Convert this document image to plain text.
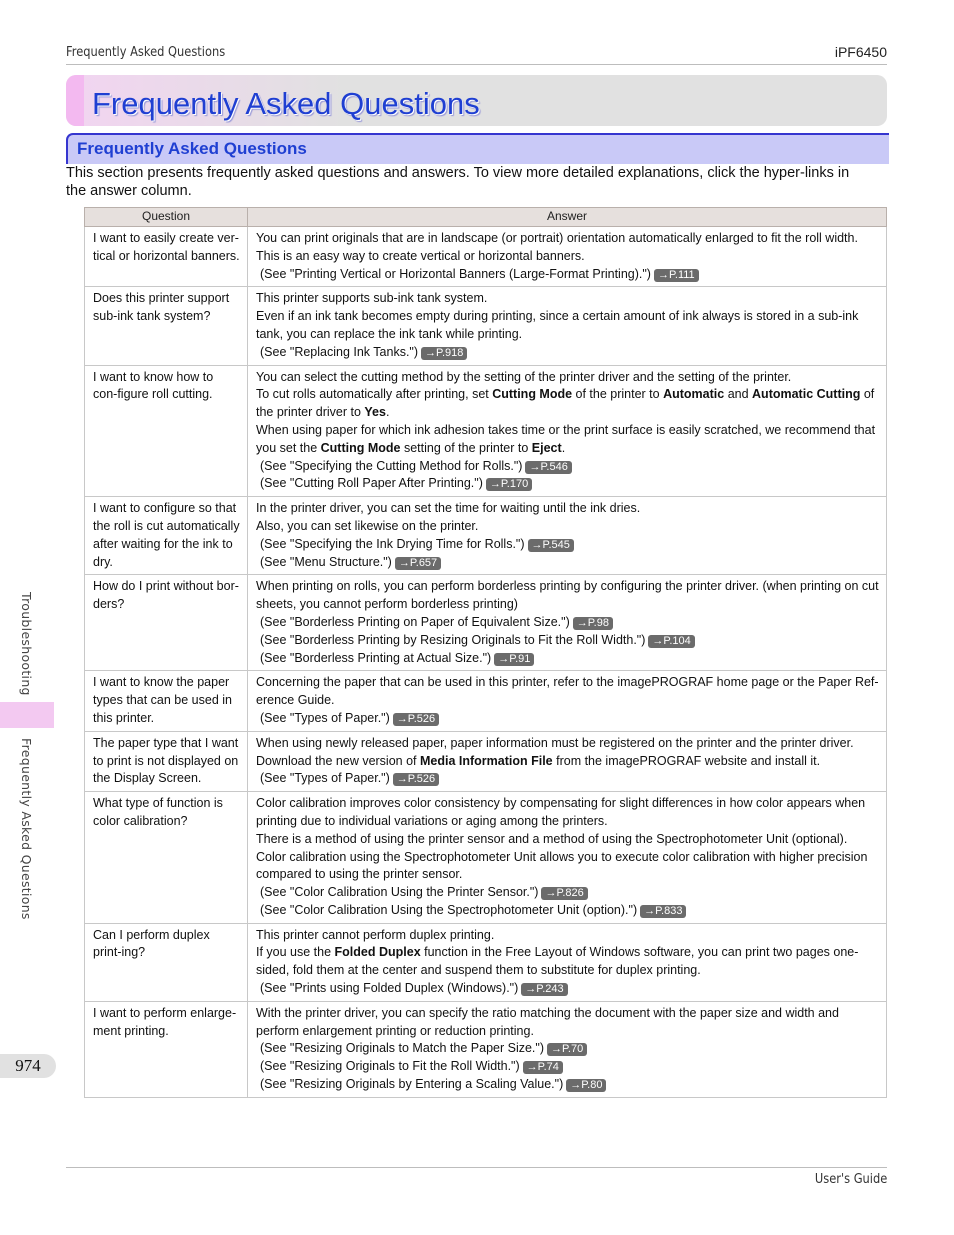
Frequently Asked Questions	iPF6450
Frequently Asked Questions
Frequently Asked Questions
This section presents frequently asked questions and answers. To view more detailed explanations, click the hyper-links in the answer column.
Question	Answer
I want to easily create ver-tical or horizontal banners.	You can print originals that are in landscape (or portrait) orientation automatically enlarged to fit the roll width. This is an easy way to create vertical or horizontal banners.
(See "Printing Vertical or Horizontal Banners (Large-Format Printing).") →P.111

Does this printer support sub-ink tank system?	This printer supports sub-ink tank system.
Even if an ink tank becomes empty during printing, since a certain amount of ink always is stored in a sub-ink tank, you can replace the ink tank while printing.
(See "Replacing Ink Tanks.") →P.918

I want to know how to con-figure roll cutting.	You can select the cutting method by the setting of the printer driver and the setting of the printer.
To cut rolls automatically after printing, set Cutting Mode of the printer to Automatic and Automatic Cutting of the printer driver to Yes.
When using paper for which ink adhesion takes time or the print surface is easily scratched, we recommend that you set the Cutting Mode setting of the printer to Eject.
(See "Specifying the Cutting Method for Rolls.") →P.546
(See "Cutting Roll Paper After Printing.") →P.170

I want to configure so that the roll is cut automatically after waiting for the ink to dry.	In the printer driver, you can set the time for waiting until the ink dries.
Also, you can set likewise on the printer.
(See "Specifying the Ink Drying Time for Rolls.") →P.545
(See "Menu Structure.") →P.657

How do I print without bor-ders?	When printing on rolls, you can perform borderless printing by configuring the printer driver. (when printing on cut sheets, you cannot perform borderless printing)
(See "Borderless Printing on Paper of Equivalent Size.") →P.98
(See "Borderless Printing by Resizing Originals to Fit the Roll Width.") →P.104
(See "Borderless Printing at Actual Size.") →P.91

I want to know the paper types that can be used in this printer.	Concerning the paper that can be used in this printer, refer to the imagePROGRAF home page or the Paper Ref-erence Guide.
(See "Types of Paper.") →P.526

The paper type that I want to print is not displayed on the Display Screen.	When using newly released paper, paper information must be registered on the printer and the printer driver.
Download the new version of Media Information File from the imagePROGRAF website and install it.
(See "Types of Paper.") →P.526

What type of function is color calibration?	Color calibration improves color consistency by compensating for slight differences in how color appears when printing due to individual variations or aging among the printers.
There is a method of using the printer sensor and a method of using the Spectrophotometer Unit (optional).
Color calibration using the Spectrophotometer Unit allows you to execute color calibration with higher precision compared to using the printer sensor.
(See "Color Calibration Using the Printer Sensor.") →P.826
(See "Color Calibration Using the Spectrophotometer Unit (option).") →P.833

Can I perform duplex print-ing?	This printer cannot perform duplex printing.
If you use the Folded Duplex function in the Free Layout of Windows software, you can print two pages one-sided, fold them at the center and suspend them to substitute for duplex printing.
(See "Prints using Folded Duplex (Windows).") →P.243

I want to perform enlarge-ment printing.	With the printer driver, you can specify the ratio matching the document with the paper size and width and perform enlargement printing or reduction printing.
(See "Resizing Originals to Match the Paper Size.") →P.70
(See "Resizing Originals to Fit the Roll Width.") →P.74
(See "Resizing Originals by Entering a Scaling Value.") →P.80
Troubleshooting
Frequently Asked Questions
974
User's Guide
